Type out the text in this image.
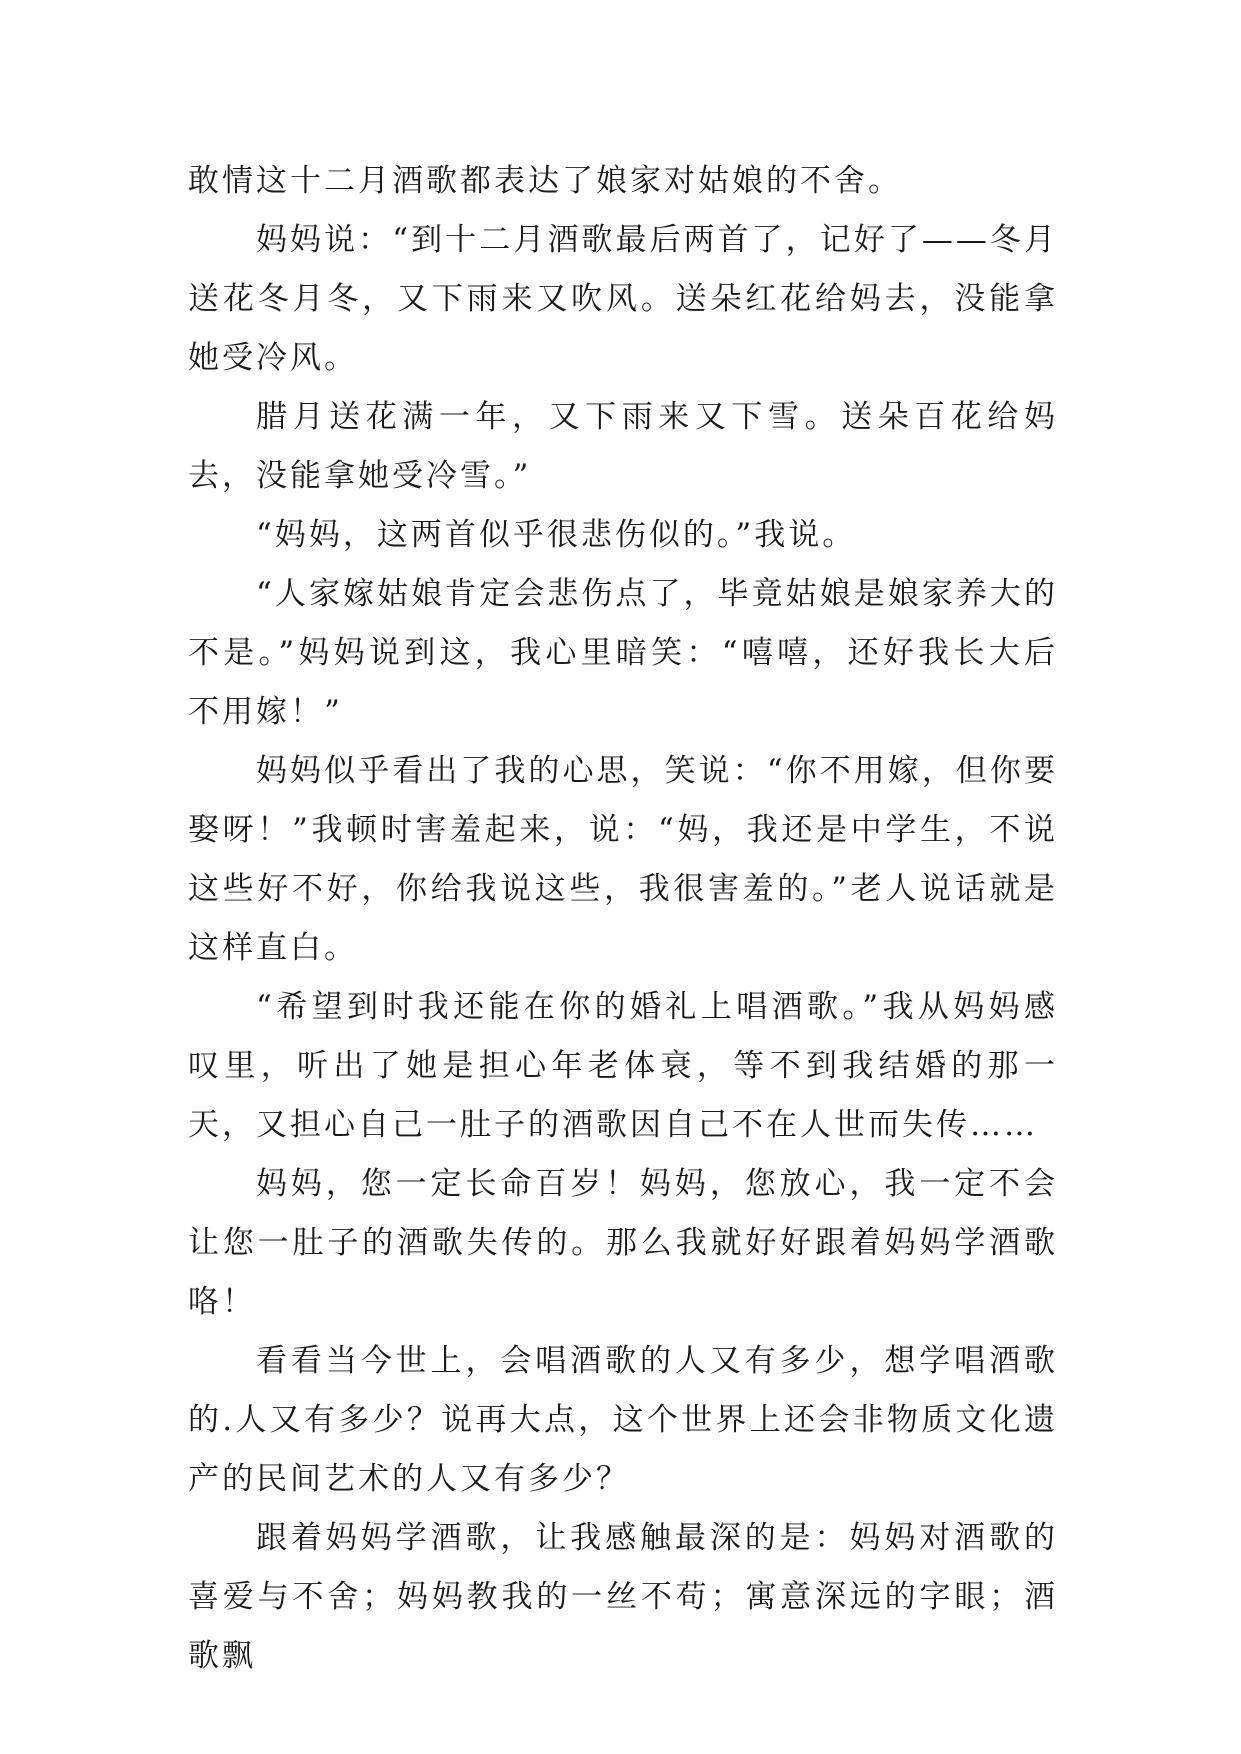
敢情这十二月酒歌都表达了娘家对姑娘的不舍。

妈妈说：“到十二月酒歌最后两首了，记好了——冬月送花冬月冬，又下雨来又吹风。送朵红花给妈去，没能拿她受冷风。

腊月送花满一年，又下雨来又下雪。送朵百花给妈去，没能拿她受冷雪。”

“妈妈，这两首似乎很悲伤似的。”我说。

“人家嫁姑娘肯定会悲伤点了，毕竟姑娘是娘家养大的不是。”妈妈说到这，我心里暗笑：“嘻嘻，还好我长大后不用嫁！”

妈妈似乎看出了我的心思，笑说：“你不用嫁，但你要娶呀！”我顿时害羞起来，说：“妈，我还是中学生，不说这些好不好，你给我说这些，我很害羞的。”老人说话就是这样直白。

“希望到时我还能在你的婚礼上唱酒歌。”我从妈妈感叹里，听出了她是担心年老体衰，等不到我结婚的那一天，又担心自己一肚子的酒歌因自己不在人世而失传……

妈妈，您一定长命百岁！妈妈，您放心，我一定不会让您一肚子的酒歌失传的。那么我就好好跟着妈妈学酒歌咯！

看看当今世上，会唱酒歌的人又有多少，想学唱酒歌的.人又有多少？说再大点，这个世界上还会非物质文化遗产的民间艺术的人又有多少？

跟着妈妈学酒歌，让我感触最深的是：妈妈对酒歌的喜爱与不舍；妈妈教我的一丝不苟；寓意深远的字眼；酒歌飘
